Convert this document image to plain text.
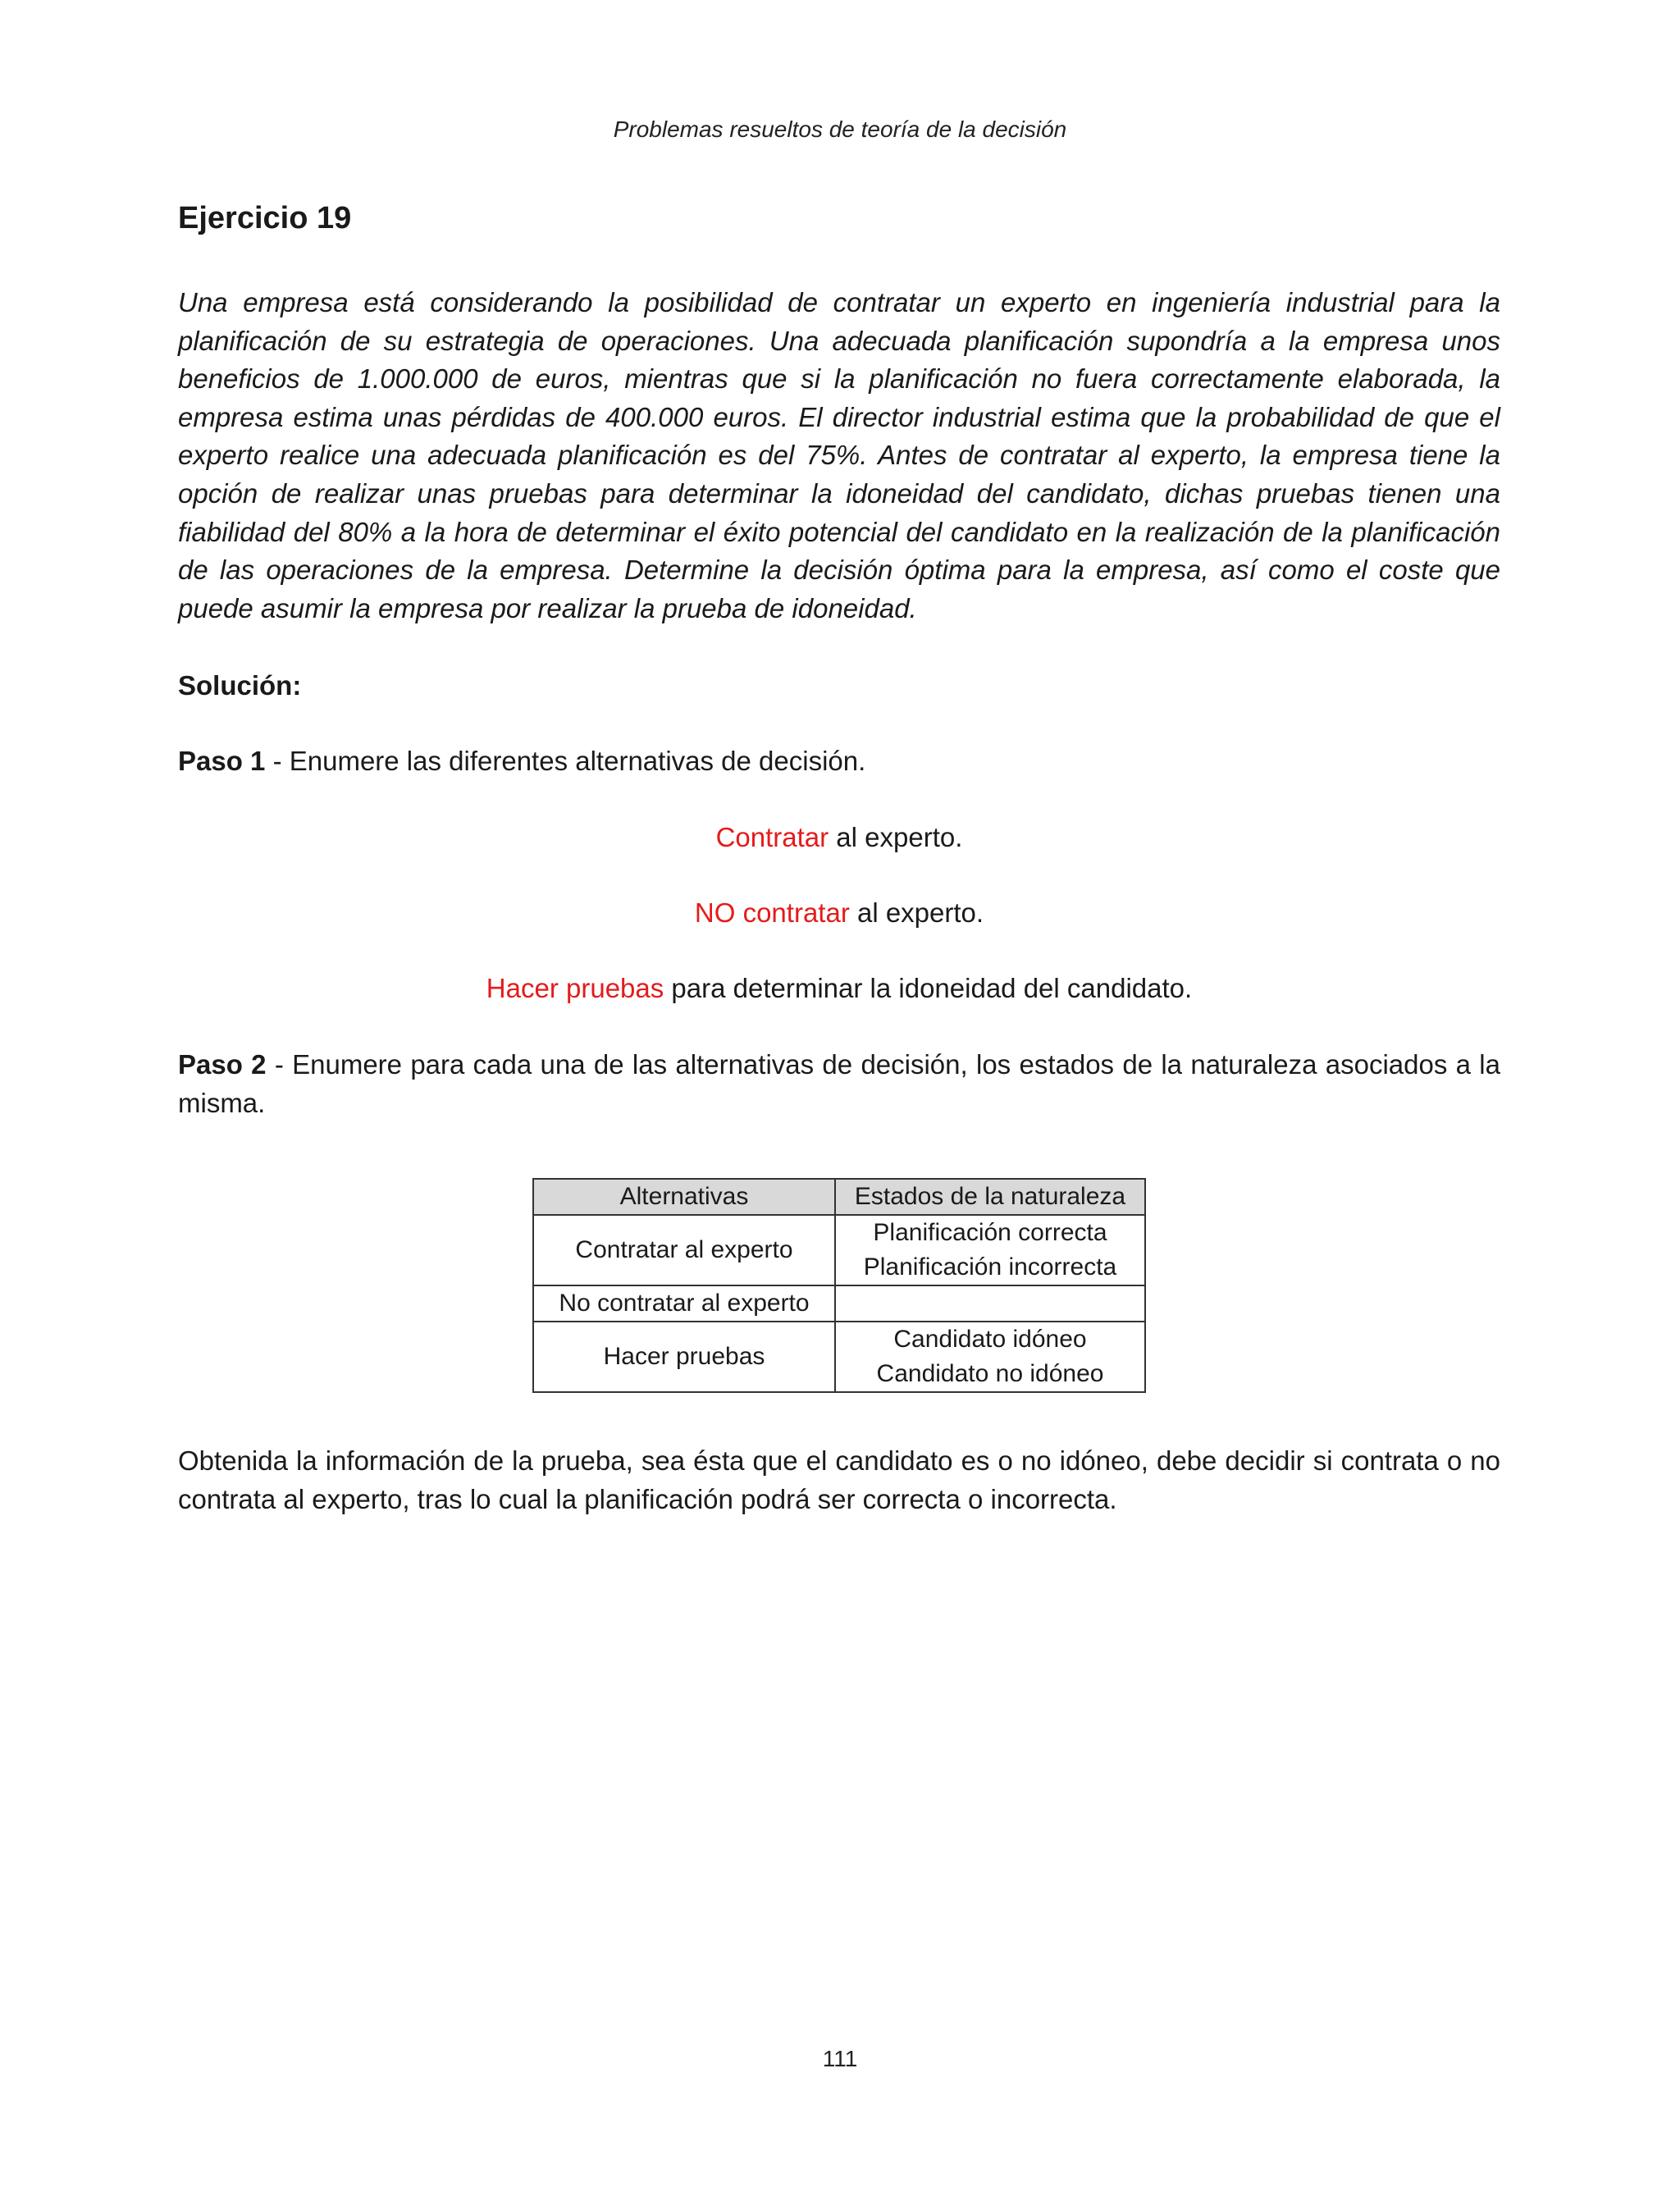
Problemas resueltos de teoría de la decisión
Ejercicio 19

Una empresa está considerando la posibilidad de contratar un experto en ingeniería industrial para la planificación de su estrategia de operaciones. Una adecuada planificación supondría a la empresa unos beneficios de 1.000.000 de euros, mientras que si la planificación no fuera correctamente elaborada, la empresa estima unas pérdidas de 400.000 euros. El director industrial estima que la probabilidad de que el experto realice una adecuada planificación es del 75%. Antes de contratar al experto, la empresa tiene la opción de realizar unas pruebas para determinar la idoneidad del candidato, dichas pruebas tienen una fiabilidad del 80% a la hora de determinar el éxito potencial del candidato en la realización de la planificación de las operaciones de la empresa. Determine la decisión óptima para la empresa, así como el coste que puede asumir la empresa por realizar la prueba de idoneidad.

Solución:

Paso 1 - Enumere las diferentes alternativas de decisión.

Contratar al experto.

NO contratar al experto.

Hacer pruebas para determinar la idoneidad del candidato.

Paso 2 - Enumere para cada una de las alternativas de decisión, los estados de la naturaleza asociados a la misma.

Alternativas	Estados de la naturaleza
Contratar al experto	Planificación correcta
Planificación incorrecta

No contratar al experto	
Hacer pruebas	Candidato idóneo
Candidato no idóneo

Obtenida la información de la prueba, sea ésta que el candidato es o no idóneo, debe decidir si contrata o no contrata al experto, tras lo cual la planificación podrá ser correcta o incorrecta.

111
